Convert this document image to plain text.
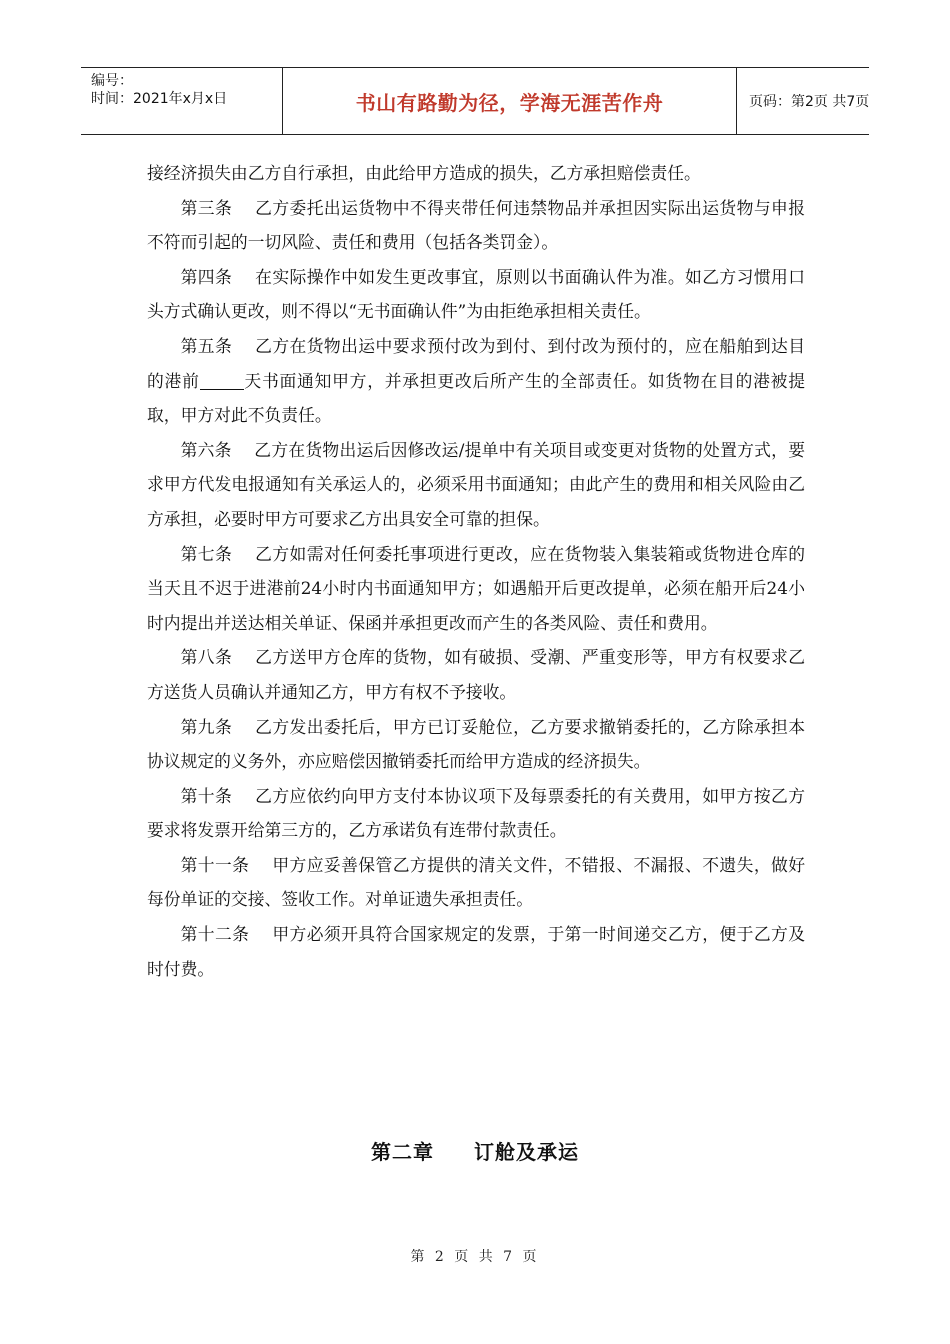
编号：
时间：2021年x月x日	书山有路勤为径，学海无涯苦作舟	页码：第2页 共7页

接经济损失由乙方自行承担，由此给甲方造成的损失，乙方承担赔偿责任。

第三条　 乙方委托出运货物中不得夹带任何违禁物品并承担因实际出运货物与申报不符而引起的一切风险、责任和费用（包括各类罚金）。

第四条　 在实际操作中如发生更改事宜，原则以书面确认件为准。如乙方习惯用口头方式确认更改，则不得以“无书面确认件”为由拒绝承担相关责任。

第五条　 乙方在货物出运中要求预付改为到付、到付改为预付的，应在船舶到达目的港前	天书面通知甲方，并承担更改后所产生的全部责任。如货物在目的港被提取，甲方对此不负责任。

第六条　 乙方在货物出运后因修改运/提单中有关项目或变更对货物的处置方式，要求甲方代发电报通知有关承运人的，必须采用书面通知；由此产生的费用和相关风险由乙方承担，必要时甲方可要求乙方出具安全可靠的担保。

第七条　 乙方如需对任何委托事项进行更改，应在货物装入集装箱或货物进仓库的当天且不迟于进港前24小时内书面通知甲方；如遇船开后更改提单，必须在船开后24小时内提出并送达相关单证、保函并承担更改而产生的各类风险、责任和费用。

第八条　 乙方送甲方仓库的货物，如有破损、受潮、严重变形等，甲方有权要求乙方送货人员确认并通知乙方，甲方有权不予接收。

第九条　 乙方发出委托后，甲方已订妥舱位，乙方要求撤销委托的，乙方除承担本协议规定的义务外，亦应赔偿因撤销委托而给甲方造成的经济损失。

第十条　 乙方应依约向甲方支付本协议项下及每票委托的有关费用，如甲方按乙方要求将发票开给第三方的，乙方承诺负有连带付款责任。

第十一条　 甲方应妥善保管乙方提供的清关文件，不错报、不漏报、不遗失，做好每份单证的交接、签收工作。对单证遗失承担责任。

第十二条　 甲方必须开具符合国家规定的发票，于第一时间递交乙方，便于乙方及时付费。

第二章 订舱及承运
第 2 页 共 7 页
